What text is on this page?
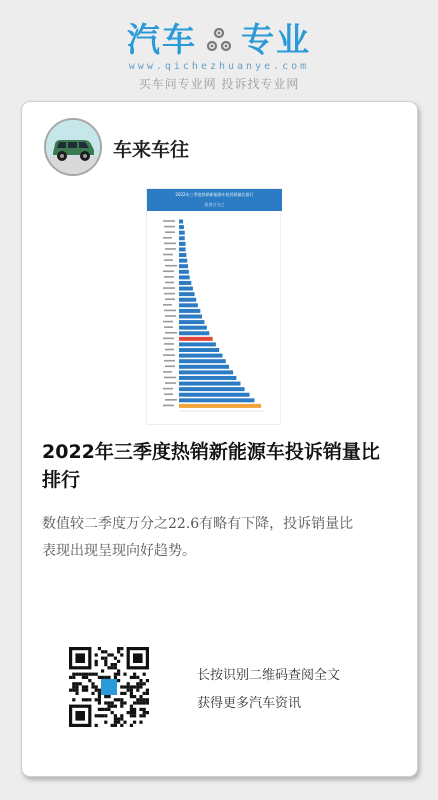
汽车 专业
www.qichezhuanye.com
买车问专业网 投诉找专业网
车来车往
2022年三季度热销新能源车投诉销量比排行
投诉万分之
2022年三季度热销新能源车投诉销量比排行
数值较二季度万分之22.6有略有下降，投诉销量比表现出现呈现向好趋势。
长按识别二维码查阅全文
获得更多汽车资讯
